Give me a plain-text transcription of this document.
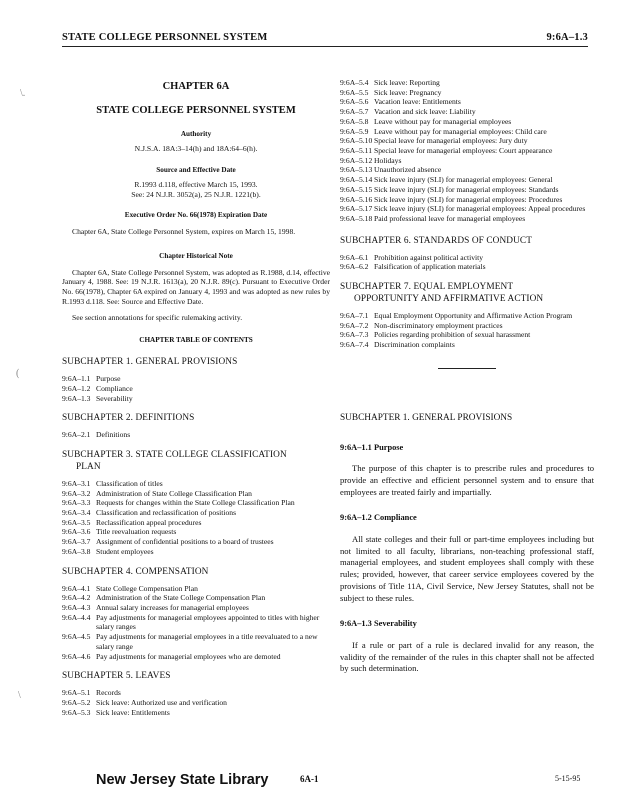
STATE COLLEGE PERSONNEL SYSTEM	9:6A–1.3
CHAPTER 6A
STATE COLLEGE PERSONNEL SYSTEM
Authority
N.J.S.A. 18A:3–14(h) and 18A:64–6(h).
Source and Effective Date
R.1993 d.118, effective March 15, 1993.
See: 24 N.J.R. 3052(a), 25 N.J.R. 1221(b).
Executive Order No. 66(1978) Expiration Date
Chapter 6A, State College Personnel System, expires on March 15, 1998.
Chapter Historical Note
Chapter 6A, State College Personnel System, was adopted as R.1988, d.14, effective January 4, 1988. See: 19 N.J.R. 1613(a), 20 N.J.R. 89(c). Pursuant to Executive Order No. 66(1978), Chapter 6A expired on January 4, 1993 and was adopted as new rules by R.1993 d.118. See: Source and Effective Date.
See section annotations for specific rulemaking activity.
CHAPTER TABLE OF CONTENTS
SUBCHAPTER 1. GENERAL PROVISIONS
9:6A–1.1 Purpose
9:6A–1.2 Compliance
9:6A–1.3 Severability
SUBCHAPTER 2. DEFINITIONS
9:6A–2.1 Definitions
SUBCHAPTER 3. STATE COLLEGE CLASSIFICATION
PLAN
9:6A–3.1 Classification of titles
9:6A–3.2 Administration of State College Classification Plan
9:6A–3.3 Requests for changes within the State College Classification Plan
9:6A–3.4 Classification and reclassification of positions
9:6A–3.5 Reclassification appeal procedures
9:6A–3.6 Title reevaluation requests
9:6A–3.7 Assignment of confidential positions to a board of trustees
9:6A–3.8 Student employees
SUBCHAPTER 4. COMPENSATION
9:6A–4.1 State College Compensation Plan
9:6A–4.2 Administration of the State College Compensation Plan
9:6A–4.3 Annual salary increases for managerial employees
9:6A–4.4 Pay adjustments for managerial employees appointed to titles with higher salary ranges
9:6A–4.5 Pay adjustments for managerial employees in a title reevaluated to a new salary range
9:6A–4.6 Pay adjustments for managerial employees who are demoted
SUBCHAPTER 5. LEAVES
9:6A–5.1 Records
9:6A–5.2 Sick leave: Authorized use and verification
9:6A–5.3 Sick leave: Entitlements
9:6A–5.4 Sick leave: Reporting
9:6A–5.5 Sick leave: Pregnancy
9:6A–5.6 Vacation leave: Entitlements
9:6A–5.7 Vacation and sick leave: Liability
9:6A–5.8 Leave without pay for managerial employees
9:6A–5.9 Leave without pay for managerial employees: Child care
9:6A–5.10 Special leave for managerial employees: Jury duty
9:6A–5.11 Special leave for managerial employees: Court appearance
9:6A–5.12 Holidays
9:6A–5.13 Unauthorized absence
9:6A–5.14 Sick leave injury (SLI) for managerial employees: General
9:6A–5.15 Sick leave injury (SLI) for managerial employees: Standards
9:6A–5.16 Sick leave injury (SLI) for managerial employees: Procedures
9:6A–5.17 Sick leave injury (SLI) for managerial employees: Appeal procedures
9:6A–5.18 Paid professional leave for managerial employees
SUBCHAPTER 6. STANDARDS OF CONDUCT
9:6A–6.1 Prohibition against political activity
9:6A–6.2 Falsification of application materials
SUBCHAPTER 7. EQUAL EMPLOYMENT
OPPORTUNITY AND AFFIRMATIVE ACTION
9:6A–7.1 Equal Employment Opportunity and Affirmative Action Program
9:6A–7.2 Non-discriminatory employment practices
9:6A–7.3 Policies regarding prohibition of sexual harassment
9:6A–7.4 Discrimination complaints
SUBCHAPTER 1. GENERAL PROVISIONS
9:6A–1.1 Purpose
The purpose of this chapter is to prescribe rules and procedures to provide an effective and efficient personnel system and to ensure that employees are treated fairly and impartially.
9:6A–1.2 Compliance
All state colleges and their full or part-time employees including but not limited to all faculty, librarians, non-teaching professional staff, managerial employees, and student employees shall comply with these rules; provided, however, that career service employees covered by the provisions of Title 11A, Civil Service, New Jersey Statutes, shall not be subject to these rules.
9:6A–1.3 Severability
If a rule or part of a rule is declared invalid for any reason, the validity of the remainder of the rules in this chapter shall not be affected by such determination.
New Jersey State Library	6A-1	5-15-95
\.
(
\
